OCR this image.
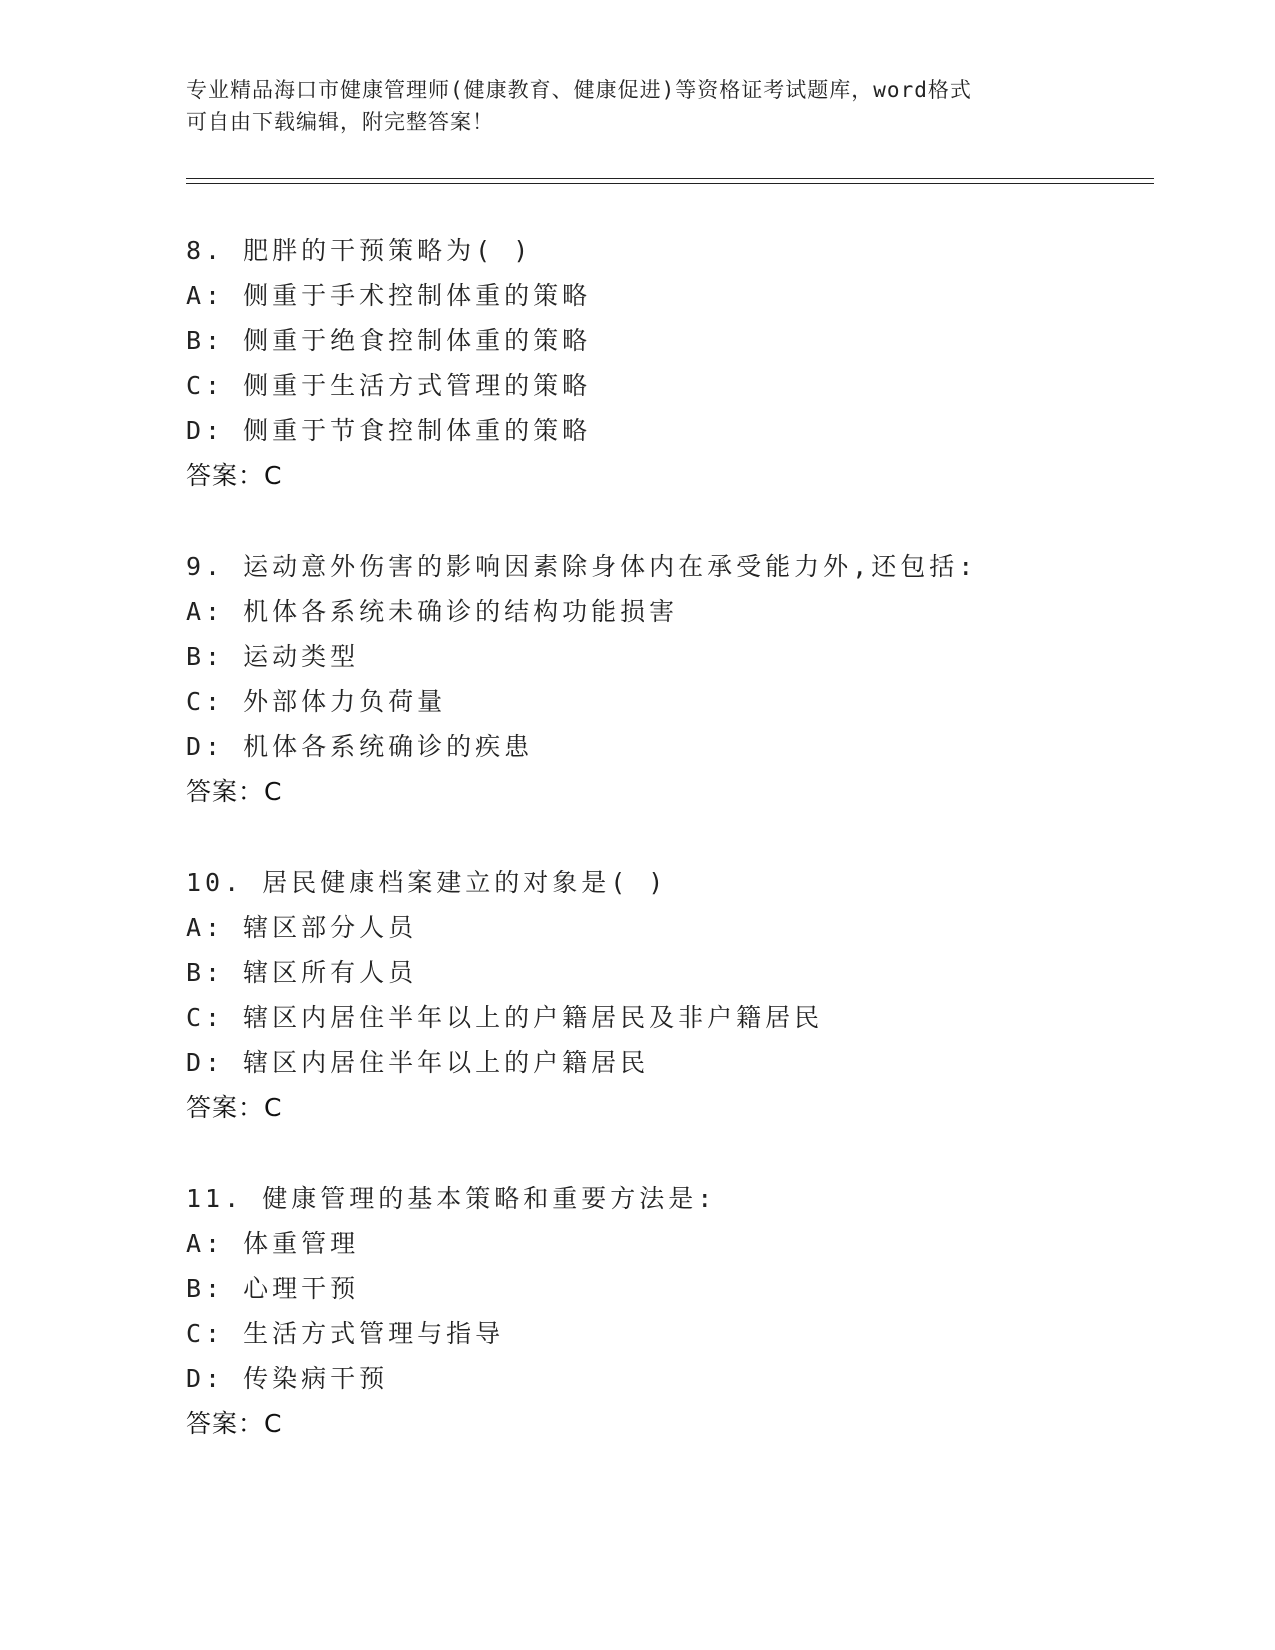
专业精品海口市健康管理师(健康教育、健康促进)等资格证考试题库，word格式
可自由下载编辑，附完整答案！
8. 肥胖的干预策略为( )
A: 侧重于手术控制体重的策略
B: 侧重于绝食控制体重的策略
C: 侧重于生活方式管理的策略
D: 侧重于节食控制体重的策略
答案：C
9. 运动意外伤害的影响因素除身体内在承受能力外,还包括:
A: 机体各系统未确诊的结构功能损害
B: 运动类型
C: 外部体力负荷量
D: 机体各系统确诊的疾患
答案：C
10. 居民健康档案建立的对象是( )
A: 辖区部分人员
B: 辖区所有人员
C: 辖区内居住半年以上的户籍居民及非户籍居民
D: 辖区内居住半年以上的户籍居民
答案：C
11. 健康管理的基本策略和重要方法是:
A: 体重管理
B: 心理干预
C: 生活方式管理与指导
D: 传染病干预
答案：C
